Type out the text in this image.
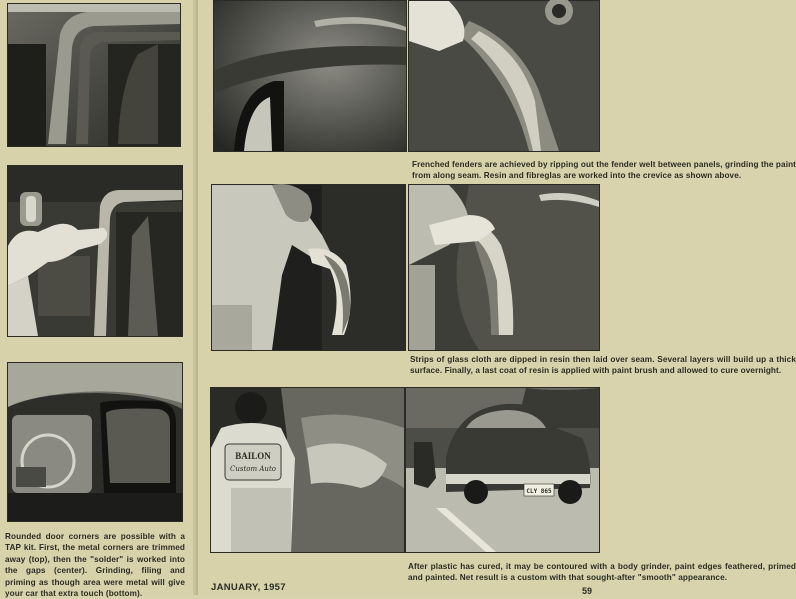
Rounded door corners are possible with a TAP kit. First, the metal corners are trimmed away (top), then the "solder" is worked into the gaps (center). Grinding, filing and priming as though area were metal will give your car that extra touch (bottom).

Frenched fenders are achieved by ripping out the fender welt between panels, grinding the paint from along seam. Resin and fibreglas are worked into the crevice as shown above.

Strips of glass cloth are dipped in resin then laid over seam. Several layers will build up a thick surface. Finally, a last coat of resin is applied with paint brush and allowed to cure overnight.

BAILON
Custom Auto
CLY 865

After plastic has cured, it may be contoured with a body grinder, paint edges feathered, primed and painted. Net result is a custom with that sought-after "smooth" appearance.

JANUARY, 1957	59
